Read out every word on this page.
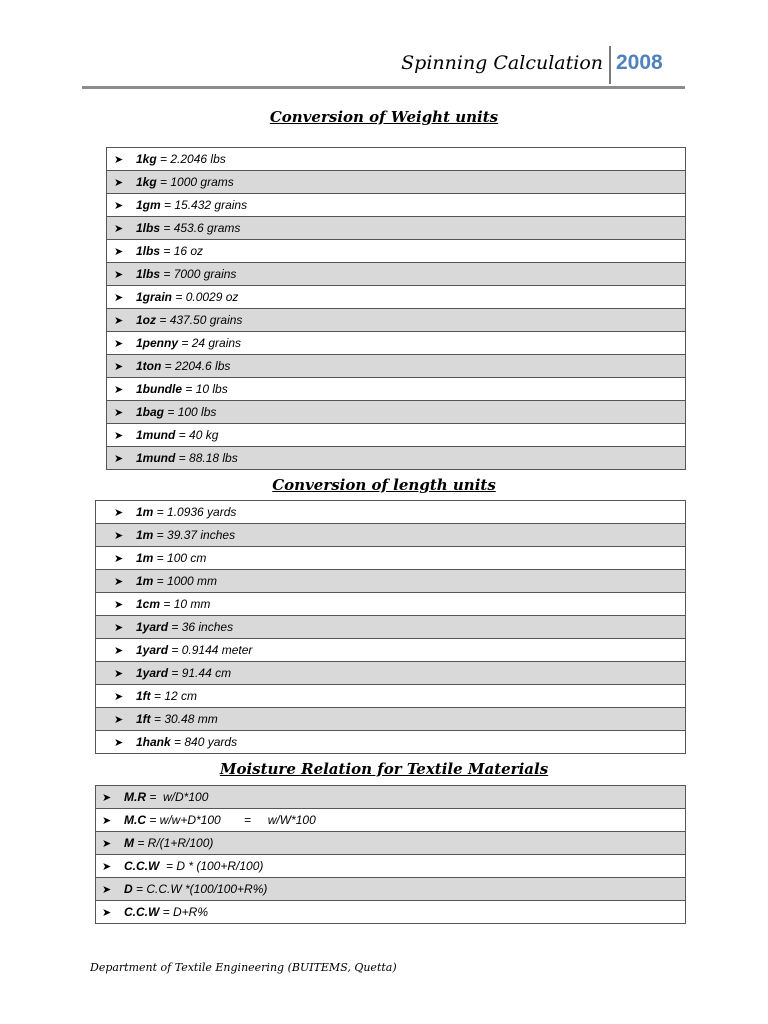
Spinning Calculation 2008
Conversion of Weight units
➤ 1kg = 2.2046 lbs
➤ 1kg = 1000 grams
➤ 1gm = 15.432 grains
➤ 1lbs = 453.6 grams
➤ 1lbs = 16 oz
➤ 1lbs = 7000 grains
➤ 1grain = 0.0029 oz
➤ 1oz = 437.50 grains
➤ 1penny = 24 grains
➤ 1ton = 2204.6 lbs
➤ 1bundle = 10 lbs
➤ 1bag = 100 lbs
➤ 1mund = 40 kg
➤ 1mund = 88.18 lbs
Conversion of length units
➤ 1m = 1.0936 yards
➤ 1m = 39.37 inches
➤ 1m = 100 cm
➤ 1m = 1000 mm
➤ 1cm = 10 mm
➤ 1yard = 36 inches
➤ 1yard = 0.9144 meter
➤ 1yard = 91.44 cm
➤ 1ft = 12 cm
➤ 1ft = 30.48 mm
➤ 1hank = 840 yards
Moisture Relation for Textile Materials
➤ M.R =  w/D*100
➤ M.C = w/w+D*100       =     w/W*100
➤ M = R/(1+R/100)
➤ C.C.W  = D * (100+R/100)
➤ D = C.C.W *(100/100+R%)
➤ C.C.W = D+R%
Department of Textile Engineering (BUITEMS, Quetta)
